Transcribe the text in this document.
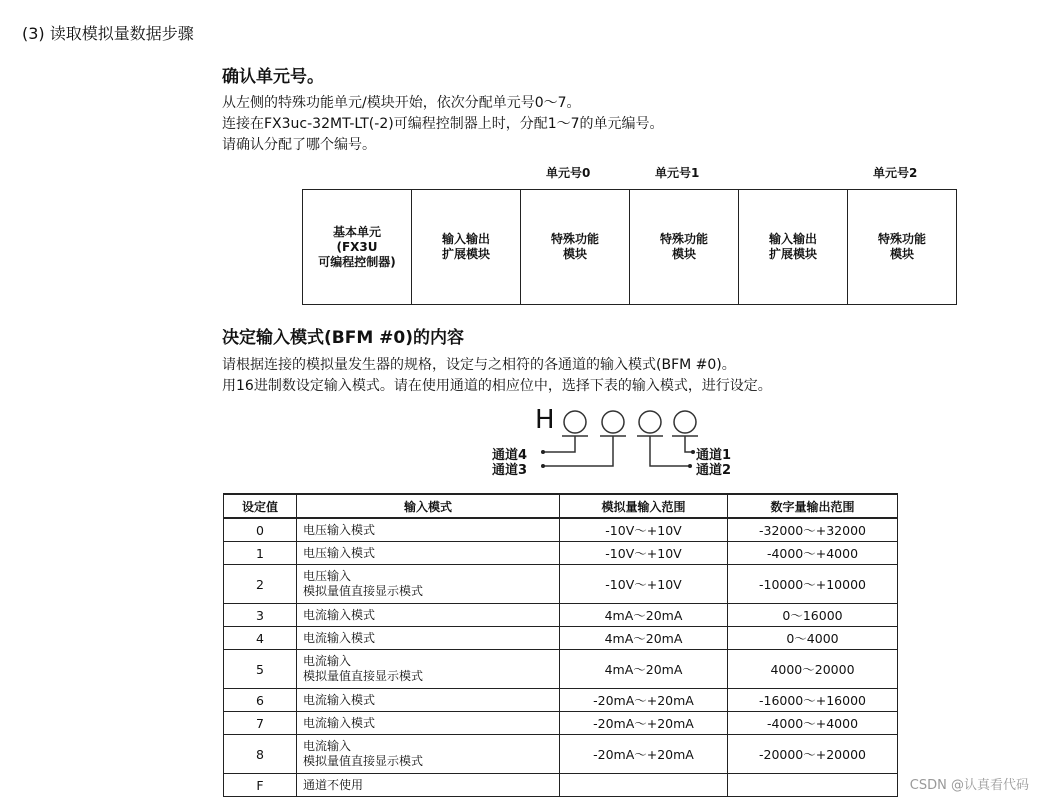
(3) 读取模拟量数据步骤
确认单元号。
从左侧的特殊功能单元/模块开始，依次分配单元号0～7。
连接在FX3uc-32MT-LT(-2)可编程控制器上时，分配1～7的单元编号。
请确认分配了哪个编号。
单元号0	单元号1	单元号2
基本单元
(FX3U
可编程控制器)
输入输出
扩展模块
特殊功能
模块
特殊功能
模块
输入输出
扩展模块
特殊功能
模块
决定输入模式(BFM #0)的内容
请根据连接的模拟量发生器的规格，设定与之相符的各通道的输入模式(BFM #0)。
用16进制数设定输入模式。请在使用通道的相应位中，选择下表的输入模式，进行设定。
H
通道4
通道3
通道1
通道2
设定值	输入模式	模拟量输入范围	数字量输出范围
0	电压输入模式	-10V～+10V	-32000～+32000
1	电压输入模式	-10V～+10V	-4000～+4000
2	电压输入
模拟量值直接显示模式	-10V～+10V	-10000～+10000
3	电流输入模式	4mA～20mA	0～16000
4	电流输入模式	4mA～20mA	0～4000
5	电流输入
模拟量值直接显示模式	4mA～20mA	4000～20000
6	电流输入模式	-20mA～+20mA	-16000～+16000
7	电流输入模式	-20mA～+20mA	-4000～+4000
8	电流输入
模拟量值直接显示模式	-20mA～+20mA	-20000～+20000
F	通道不使用		
			CSDN @认真看代码
